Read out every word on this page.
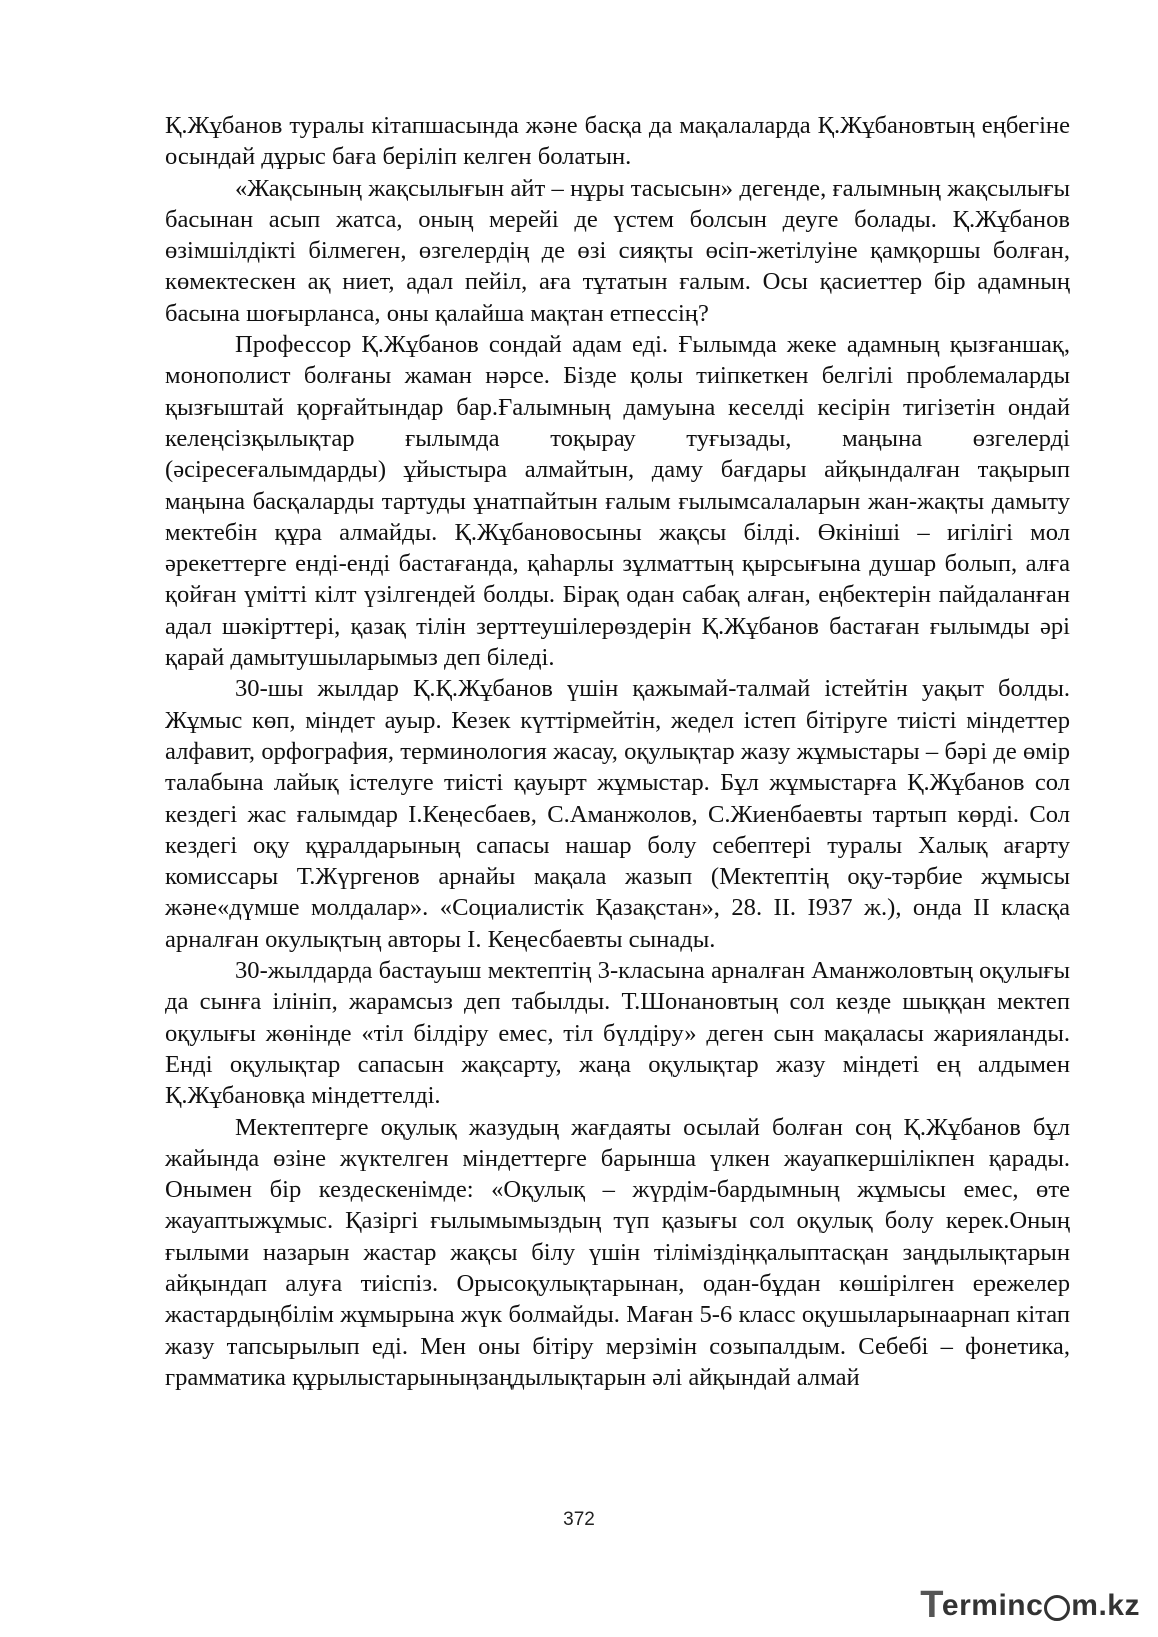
Қ.Жұбанов туралы кітапшасында және басқа да мақалаларда Қ.Жұбановтың еңбегіне осындай дұрыс баға беріліп келген болатын.

«Жақсының жақсылығын айт – нұры тасысын» дегенде, ғалымның жақсылығы басынан асып жатса, оның мерейі де үстем болсын деуге болады. Қ.Жұбанов өзімшілдікті білмеген, өзгелердің де өзі сияқты өсіп-жетілуіне қамқоршы болған, көмектескен ақ ниет, адал пейіл, аға тұтатын ғалым. Осы қасиеттер бір адамның басына шоғырланса, оны қалайша мақтан етпессің?

Профессор Қ.Жұбанов сондай адам еді. Ғылымда жеке адамның қызғаншақ, монополист болғаны жаман нәрсе. Бізде қолы тиіпкеткен белгілі проблемаларды қызғыштай қорғайтындар бар.Ғалымның дамуына кеселді кесірін тигізетін ондай келеңсізқылықтар ғылымда тоқырау туғызады, маңына өзгелерді (әсіресеғалымдарды) ұйыстыра алмайтын, даму бағдары айқындалған тақырып маңына басқаларды тартуды ұнатпайтын ғалым ғылымсалаларын жан-жақты дамыту мектебін құра алмайды. Қ.Жұбановосыны жақсы білді. Өкініші – игілігі мол әрекеттерге енді-енді бастағанда, қаһарлы зұлматтың қырсығына душар болып, алға қойған үмітті кілт үзілгендей болды. Бірақ одан сабақ алған, еңбектерін пайдаланған адал шәкірттері, қазақ тілін зерттеушілерөздерін Қ.Жұбанов бастаған ғылымды әрі қарай дамытушыларымыз деп біледі.

30-шы жылдар Қ.Қ.Жұбанов үшін қажымай-талмай істейтін уақыт болды. Жұмыс көп, міндет ауыр. Кезек күттірмейтін, жедел істеп бітіруге тиісті міндеттер алфавит, орфография, терминология жасау, оқулықтар жазу жұмыстары – бәрі де өмір талабына лайық істелуге тиісті қауырт жұмыстар. Бұл жұмыстарға Қ.Жұбанов сол кездегі жас ғалымдар І.Кеңесбаев, С.Аманжолов, С.Жиенбаевты тартып көрді. Сол кездегі оқу құралдарының сапасы нашар болу себептері туралы Халық ағарту комиссары Т.Жүргенов арнайы мақала жазып (Мектептің оқу-тәрбие жұмысы және«дүмше молдалар». «Социалистік Қазақстан», 28. ІІ. І937 ж.), онда ІІ класқа арналған окулықтың авторы І. Кеңесбаевты сынады.

30-жылдарда бастауыш мектептің 3-класына арналған Аманжоловтың оқулығы да сынға ілініп, жарамсыз деп табылды. Т.Шонановтың сол кезде шыққан мектеп оқулығы жөнінде «тіл білдіру емес, тіл бүлдіру» деген сын мақаласы жарияланды. Енді оқулықтар сапасын жақсарту, жаңа оқулықтар жазу міндеті ең алдымен Қ.Жұбановқа міндеттелді.

Мектептерге оқулық жазудың жағдаяты осылай болған соң Қ.Жұбанов бұл жайында өзіне жүктелген міндеттерге барынша үлкен жауапкершілікпен қарады. Онымен бір кездескенімде: «Оқулық – жүрдім-бардымның жұмысы емес, өте жауаптыжұмыс. Қазіргі ғылымымыздың түп қазығы сол оқулық болу керек.Оның ғылыми назарын жастар жақсы білу үшін тіліміздіңқалыптасқан заңдылықтарын айқындап алуға тиіспіз. Орысоқулықтарынан, одан-бұдан көшірілген ережелер жастардыңбілім жұмырына жүк болмайды. Маған 5-6 класс оқушыларынаарнап кітап жазу тапсырылып еді. Мен оны бітіру мерзімін созыпалдым. Себебі – фонетика, грамматика құрылыстарыныңзаңдылықтарын әлі айқындай алмай

372
T
ermin c m.kz
